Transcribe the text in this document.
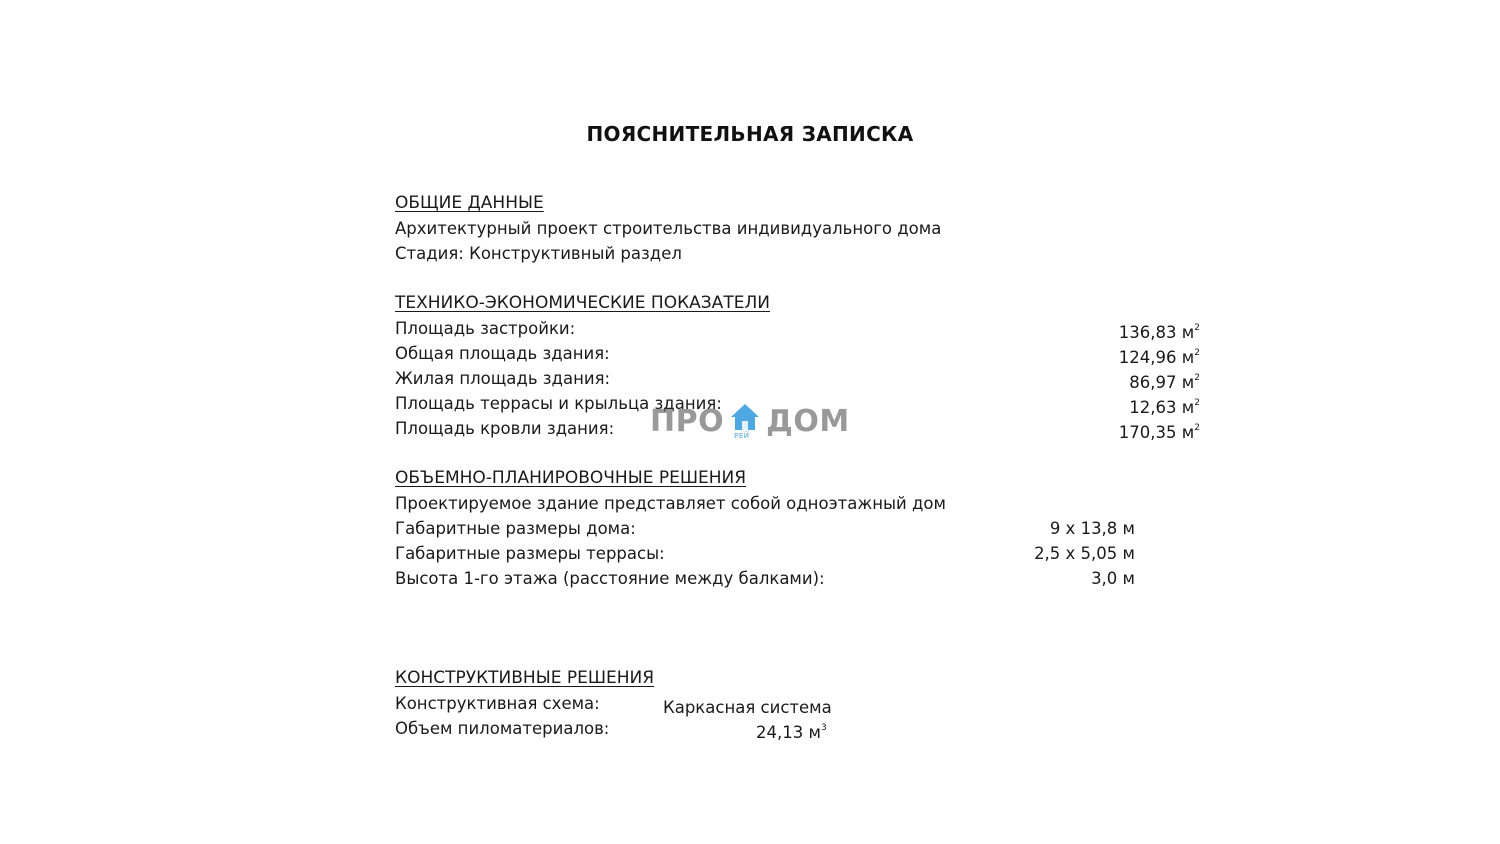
ПОЯСНИТЕЛЬНАЯ ЗАПИСКА
ОБЩИЕ ДАННЫЕ
Архитектурный проект строительства индивидуального дома
Стадия: Конструктивный раздел
ТЕХНИКО-ЭКОНОМИЧЕСКИЕ ПОКАЗАТЕЛИ
Площадь застройки:	136,83 $м^2$
Общая площадь здания:	124,96 $м^2$
Жилая площадь здания:	86,97 $м^2$
Площадь террасы и крыльца здания:	12,63 $м^2$
Площадь кровли здания:	170,35 $м^2$
ОБЪЕМНО-ПЛАНИРОВОЧНЫЕ РЕШЕНИЯ
Проектируемое здание представляет собой одноэтажный дом
Габаритные размеры дома:	9 х 13,8 м
Габаритные размеры террасы:	2,5 х 5,05 м
Высота 1-го этажа (расстояние между балками):	3,0 м
КОНСТРУКТИВНЫЕ РЕШЕНИЯ
Конструктивная схема:	Каркасная система
Объем пиломатериалов:	24,13 $м^3$
ПРО РЕЙ ДОМ
